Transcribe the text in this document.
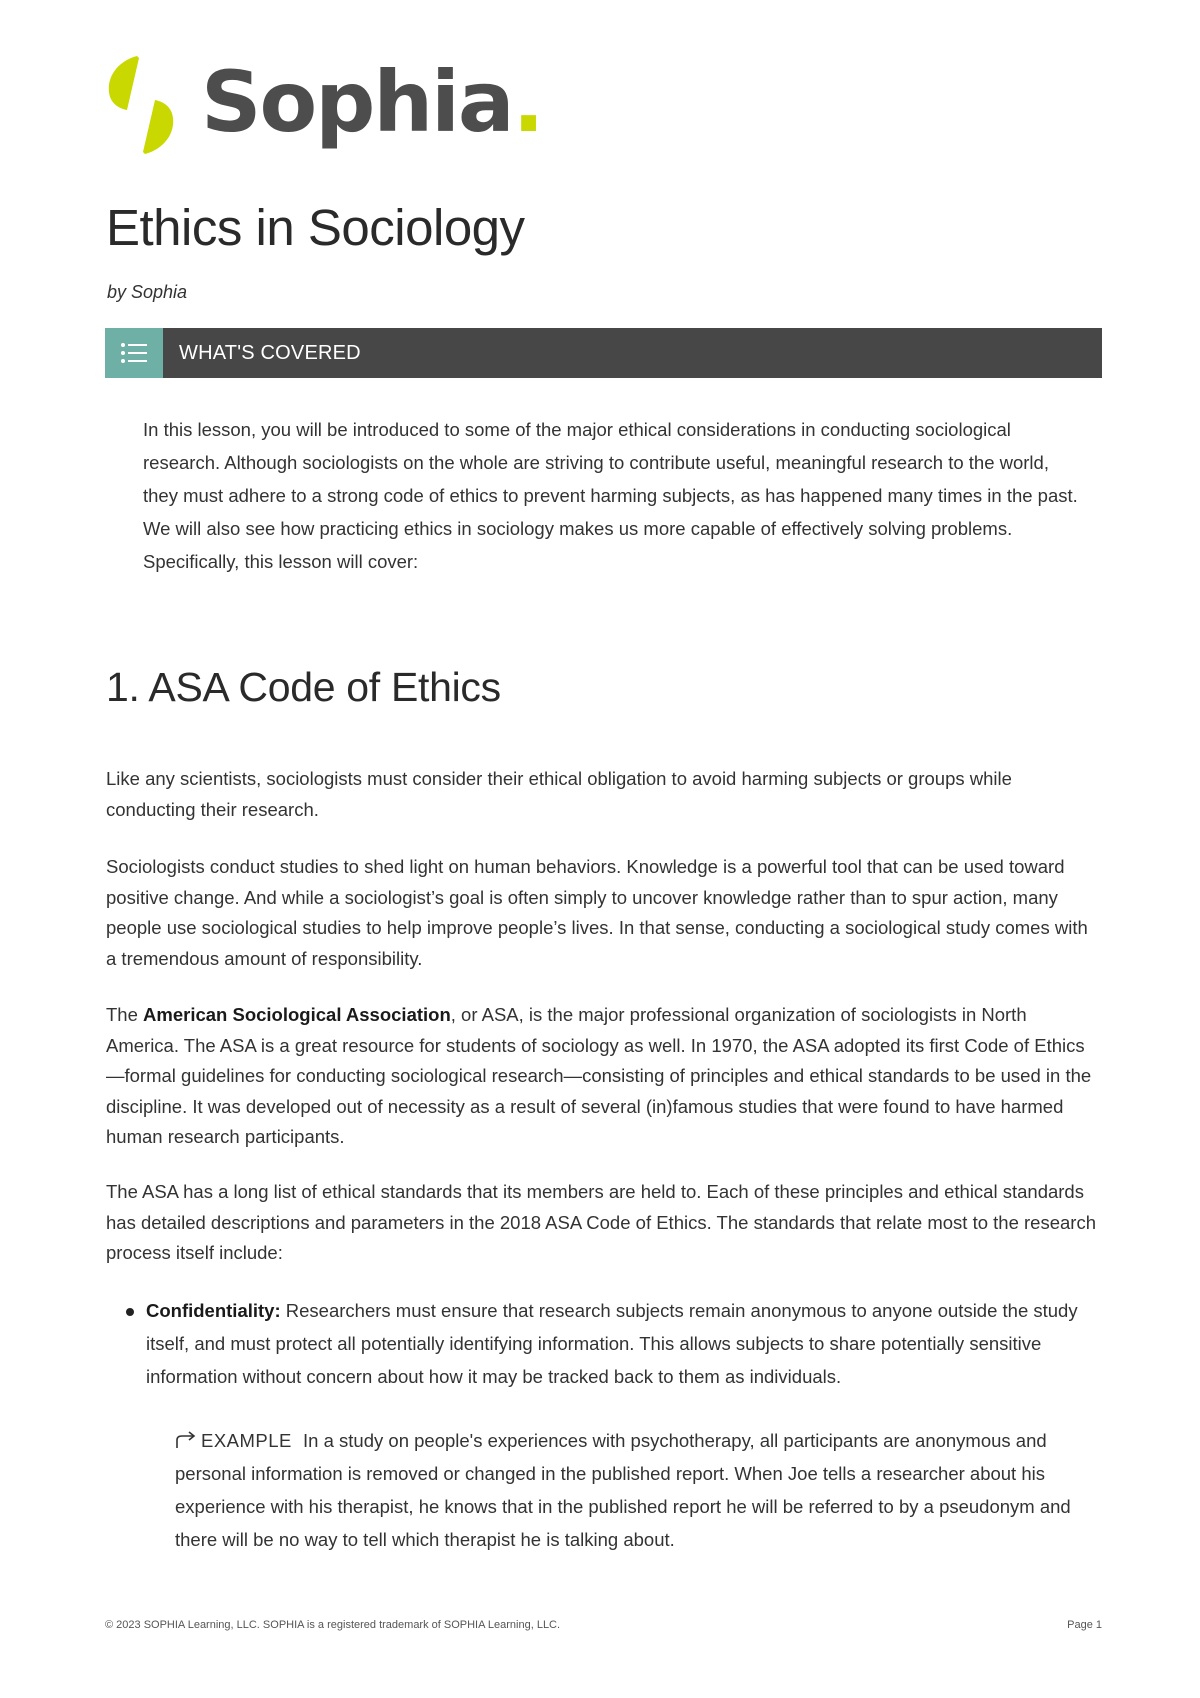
Sophia.
Ethics in Sociology
by Sophia
WHAT'S COVERED

In this lesson, you will be introduced to some of the major ethical considerations in conducting sociological research. Although sociologists on the whole are striving to contribute useful, meaningful research to the world, they must adhere to a strong code of ethics to prevent harming subjects, as has happened many times in the past. We will also see how practicing ethics in sociology makes us more capable of effectively solving problems. Specifically, this lesson will cover:

1. ASA Code of Ethics

Like any scientists, sociologists must consider their ethical obligation to avoid harming subjects or groups while conducting their research.

Sociologists conduct studies to shed light on human behaviors. Knowledge is a powerful tool that can be used toward positive change. And while a sociologist’s goal is often simply to uncover knowledge rather than to spur action, many people use sociological studies to help improve people’s lives. In that sense, conducting a sociological study comes with a tremendous amount of responsibility.

The American Sociological Association, or ASA, is the major professional organization of sociologists in North America. The ASA is a great resource for students of sociology as well. In 1970, the ASA adopted its first Code of Ethics—formal guidelines for conducting sociological research—consisting of principles and ethical standards to be used in the discipline. It was developed out of necessity as a result of several (in)famous studies that were found to have harmed human research participants.

The ASA has a long list of ethical standards that its members are held to. Each of these principles and ethical standards has detailed descriptions and parameters in the 2018 ASA Code of Ethics. The standards that relate most to the research process itself include:

Confidentiality: Researchers must ensure that research subjects remain anonymous to anyone outside the study itself, and must protect all potentially identifying information. This allows subjects to share potentially sensitive information without concern about how it may be tracked back to them as individuals.

EXAMPLE In a study on people's experiences with psychotherapy, all participants are anonymous and personal information is removed or changed in the published report. When Joe tells a researcher about his experience with his therapist, he knows that in the published report he will be referred to by a pseudonym and there will be no way to tell which therapist he is talking about.

© 2023 SOPHIA Learning, LLC. SOPHIA is a registered trademark of SOPHIA Learning, LLC.	Page 1
